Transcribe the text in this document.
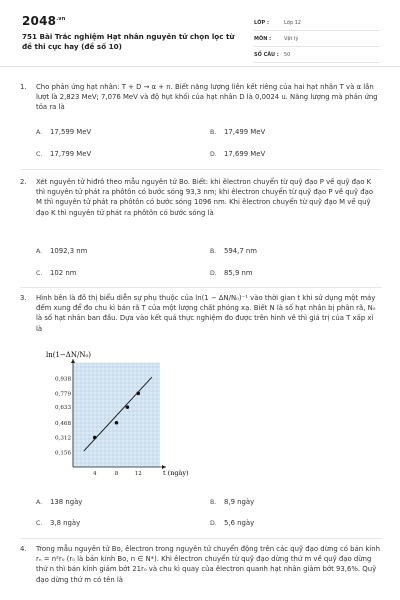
$2048^{.vn}$
751 Bài Trắc nghiệm Hạt nhân nguyên tử chọn lọc từ đề thi cực hay (đề số 10)
LỚP :	Lớp 12
MÔN :	Vật lý
SỐ CÂU :	50
1.	Cho phản ứng hạt nhân: T + D → α + n. Biết năng lượng liên kết riêng của hai hạt nhân T và α lần lượt là 2,823 MeV; 7,076 MeV và độ hụt khối của hạt nhân D là 0,0024 u. Năng lượng mà phản ứng tỏa ra là
A. 17,599 MeV	B. 17,499 MeV
C. 17,799 MeV	D. 17,699 MeV
2.	Xét nguyên tử hiđrô theo mẫu nguyên tử Bo. Biết: khi êlectron chuyển từ quỹ đạo P về quỹ đạo K thì nguyên tử phát ra phôtôn có bước sóng 93,3 nm; khi êlectron chuyển từ quỹ đạo P về quỹ đạo M thì nguyên tử phát ra phôtôn có bước sóng 1096 nm. Khi êlectron chuyển từ quỹ đạo M về quỹ đạo K thì nguyên tử phát ra phôtôn có bước sóng là
A. 1092,3 nm	B. 594,7 nm
C. 102 nm	D. 85,9 nm
3.	Hình bên là đồ thị biểu diễn sự phụ thuộc của ln(1 − ΔN/N₀)⁻¹ vào thời gian t khi sử dụng một máy đếm xung để đo chu kì bán rã T của một lượng chất phóng xạ. Biết N là số hạt nhân bị phân rã, N₀ là số hạt nhân ban đầu. Dựa vào kết quả thực nghiệm đo được trên hình vẽ thì giá trị của T xấp xỉ là
0,938
0,779
0,633
0,468
0,312
0,156
4	8	12
ln(1−ΔN/N₀)
t (ngày)
A. 138 ngày	B. 8,9 ngày
C. 3,8 ngày	D. 5,6 ngày
4.	Trong mẫu nguyên tử Bo, êlectron trong nguyên tử chuyển động trên các quỹ đạo dừng có bán kính rₙ = n²r₀ (r₀ là bán kính Bo, n ∈ N*). Khi êlectron chuyển từ quỹ đạo dừng thứ m về quỹ đạo dừng thứ n thì bán kính giảm bớt 21r₀ và chu kì quay của êlectron quanh hạt nhân giảm bớt 93,6%. Quỹ đạo dừng thứ m có tên là
